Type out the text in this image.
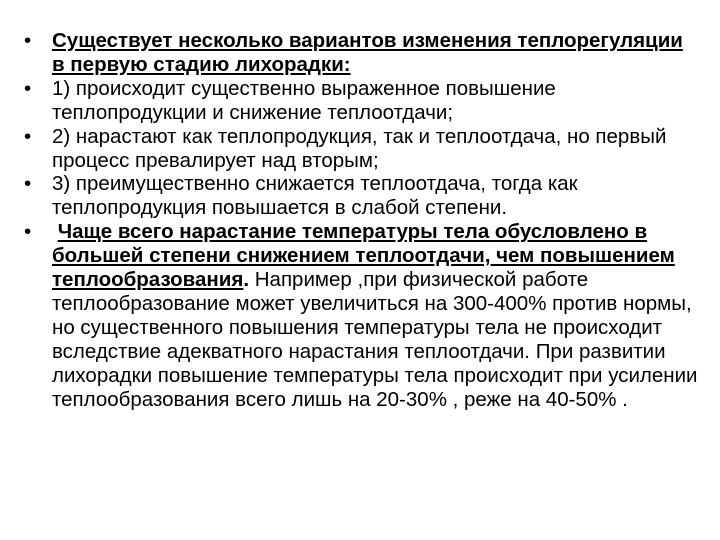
•	Существует несколько вариантов изменения теплорегуляции в первую стадию лихорадки:
•	1) происходит существенно выраженное повышение теплопродукции и снижение теплоотдачи;
•	2) нарастают как теплопродукция, так и теплоотдача, но первый процесс превалирует над вторым;
•	3) преимущественно снижается теплоотдача, тогда как теплопродукция повышается в слабой степени.
•	Чаще всего нарастание температуры тела обусловлено в большей степени снижением теплоотдачи, чем повышением теплообразования. Например ,при физической работе теплообразование может увеличиться на 300-400% против нормы, но существенного повышения температуры тела не происходит вследствие адекватного нарастания теплоотдачи. При развитии лихорадки повышение температуры тела происходит при усилении теплообразования всего лишь на 20-30% , реже на 40-50% .
